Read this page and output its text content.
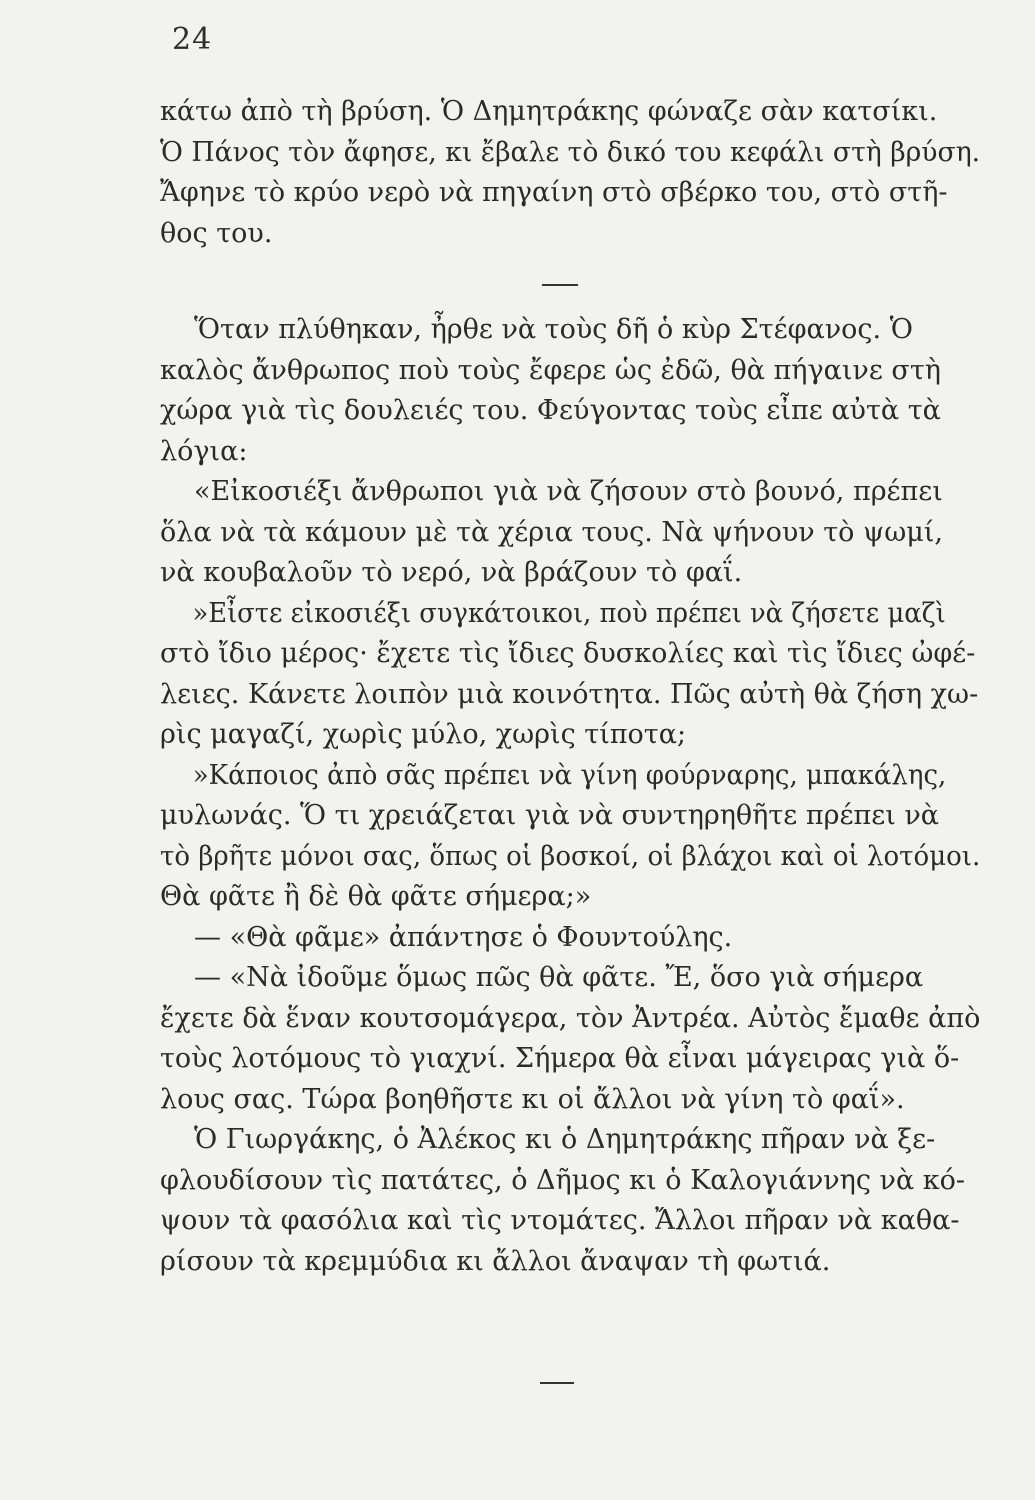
24

κάτω ἀπὸ τὴ βρύση. Ὁ Δημητράκης φώναζε σὰν κατσίκι.
Ὁ Πάνος τὸν ἄφησε, κι ἔβαλε τὸ δικό του κεφάλι στὴ βρύση.
Ἄφηνε τὸ κρύο νερὸ νὰ πηγαίνη στὸ σβέρκο του, στὸ στῆ-
θος του.

Ὅταν πλύθηκαν, ἦρθε νὰ τοὺς δῆ ὁ κὺρ Στέφανος. Ὁ
καλὸς ἄνθρωπος ποὺ τοὺς ἔφερε ὡς ἐδῶ, θὰ πήγαινε στὴ
χώρα γιὰ τὶς δουλειές του. Φεύγοντας τοὺς εἶπε αὐτὰ τὰ
λόγια:

«Εἰκοσιέξι ἄνθρωποι γιὰ νὰ ζήσουν στὸ βουνό, πρέπει
ὅλα νὰ τὰ κάμουν μὲ τὰ χέρια τους. Νὰ ψήνουν τὸ ψωμί,
νὰ κουβαλοῦν τὸ νερό, νὰ βράζουν τὸ φαΐ.

»Εἶστε εἰκοσιέξι συγκάτοικοι, ποὺ πρέπει νὰ ζήσετε μαζὶ
στὸ ἴδιο μέρος· ἔχετε τὶς ἴδιες δυσκολίες καὶ τὶς ἴδιες ὠφέ-
λειες. Κάνετε λοιπὸν μιὰ κοινότητα. Πῶς αὐτὴ θὰ ζήση χω-
ρὶς μαγαζί, χωρὶς μύλο, χωρὶς τίποτα;

»Κάποιος ἀπὸ σᾶς πρέπει νὰ γίνη φούρναρης, μπακάλης,
μυλωνάς. Ὅ τι χρειάζεται γιὰ νὰ συντηρηθῆτε πρέπει νὰ
τὸ βρῆτε μόνοι σας, ὅπως οἱ βοσκοί, οἱ βλάχοι καὶ οἱ λοτόμοι.
Θὰ φᾶτε ἢ δὲ θὰ φᾶτε σήμερα;»

— «Θὰ φᾶμε» ἀπάντησε ὁ Φουντούλης.

— «Νὰ ἰδοῦμε ὅμως πῶς θὰ φᾶτε. Ἔ, ὅσο γιὰ σήμερα
ἔχετε δὰ ἕναν κουτσομάγερα, τὸν Ἀντρέα. Αὐτὸς ἔμαθε ἀπὸ
τοὺς λοτόμους τὸ γιαχνί. Σήμερα θὰ εἶναι μάγειρας γιὰ ὅ-
λους σας. Τώρα βοηθῆστε κι οἱ ἄλλοι νὰ γίνη τὸ φαΐ».

Ὁ Γιωργάκης, ὁ Ἀλέκος κι ὁ Δημητράκης πῆραν νὰ ξε-
φλουδίσουν τὶς πατάτες, ὁ Δῆμος κι ὁ Καλογιάννης νὰ κό-
ψουν τὰ φασόλια καὶ τὶς ντομάτες. Ἄλλοι πῆραν νὰ καθα-
ρίσουν τὰ κρεμμύδια κι ἄλλοι ἄναψαν τὴ φωτιά.
